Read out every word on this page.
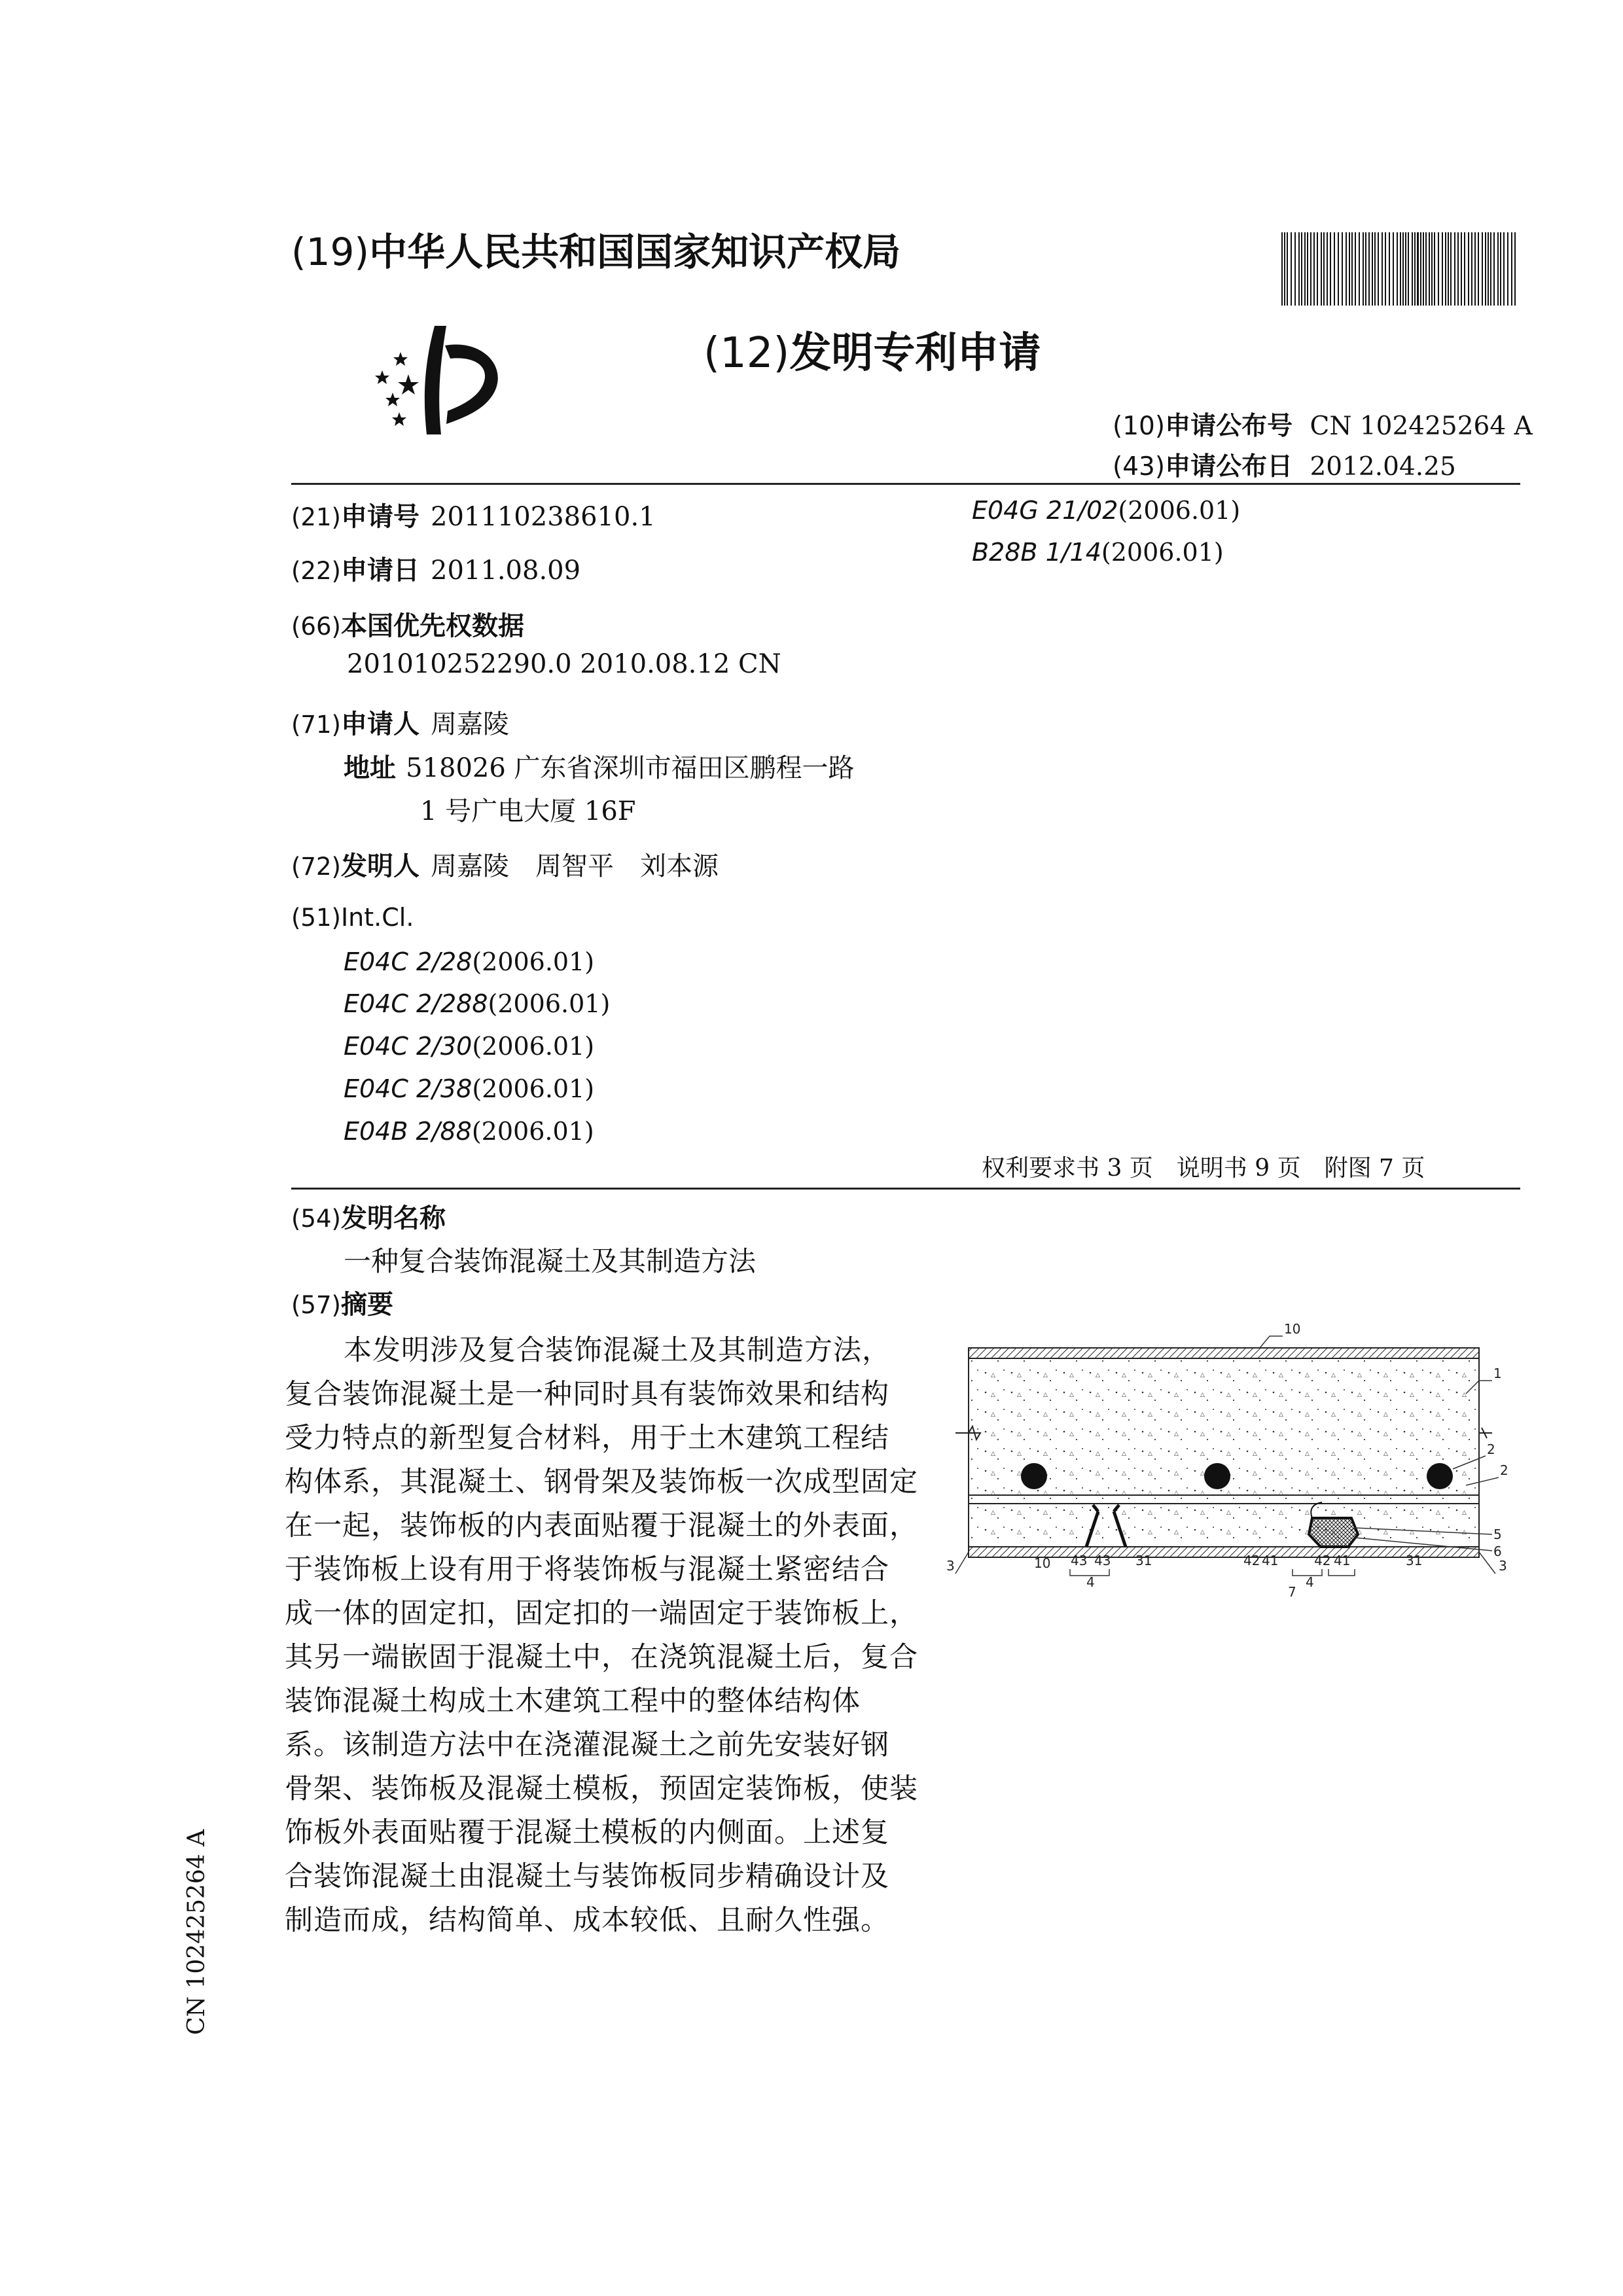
(19)中华人民共和国国家知识产权局
(12)发明专利申请
(10)申请公布号 CN 102425264 A
(43)申请公布日 2012.04.25
(21)申请号 201110238610.1
(22)申请日 2011.08.09
(66)本国优先权数据
201010252290.0 2010.08.12 CN
(71)申请人 周嘉陵
地址 518026 广东省深圳市福田区鹏程一路
1 号广电大厦 16F
(72)发明人 周嘉陵　周智平　刘本源
(51)Int.Cl.
E04C 2/28(2006.01)
E04C 2/288(2006.01)
E04C 2/30(2006.01)
E04C 2/38(2006.01)
E04B 2/88(2006.01)
E04G 21/02(2006.01)
B28B 1/14(2006.01)
权利要求书 3 页　说明书 9 页　附图 7 页
(54)发明名称
一种复合装饰混凝土及其制造方法
(57)摘要
本发明涉及复合装饰混凝土及其制造方法，
复合装饰混凝土是一种同时具有装饰效果和结构
受力特点的新型复合材料，用于土木建筑工程结
构体系，其混凝土、钢骨架及装饰板一次成型固定
在一起，装饰板的内表面贴覆于混凝土的外表面，
于装饰板上设有用于将装饰板与混凝土紧密结合
成一体的固定扣，固定扣的一端固定于装饰板上，
其另一端嵌固于混凝土中，在浇筑混凝土后，复合
装饰混凝土构成土木建筑工程中的整体结构体
系。该制造方法中在浇灌混凝土之前先安装好钢
骨架、装饰板及混凝土模板，预固定装饰板，使装
饰板外表面贴覆于混凝土模板的内侧面。上述复
合装饰混凝土由混凝土与装饰板同步精确设计及
制造而成，结构简单、成本较低、且耐久性强。
10
1
2
2
5
6
3	10 43 43 31	42 41	42 41	31	3
4	4
7
CN 102425264 A
